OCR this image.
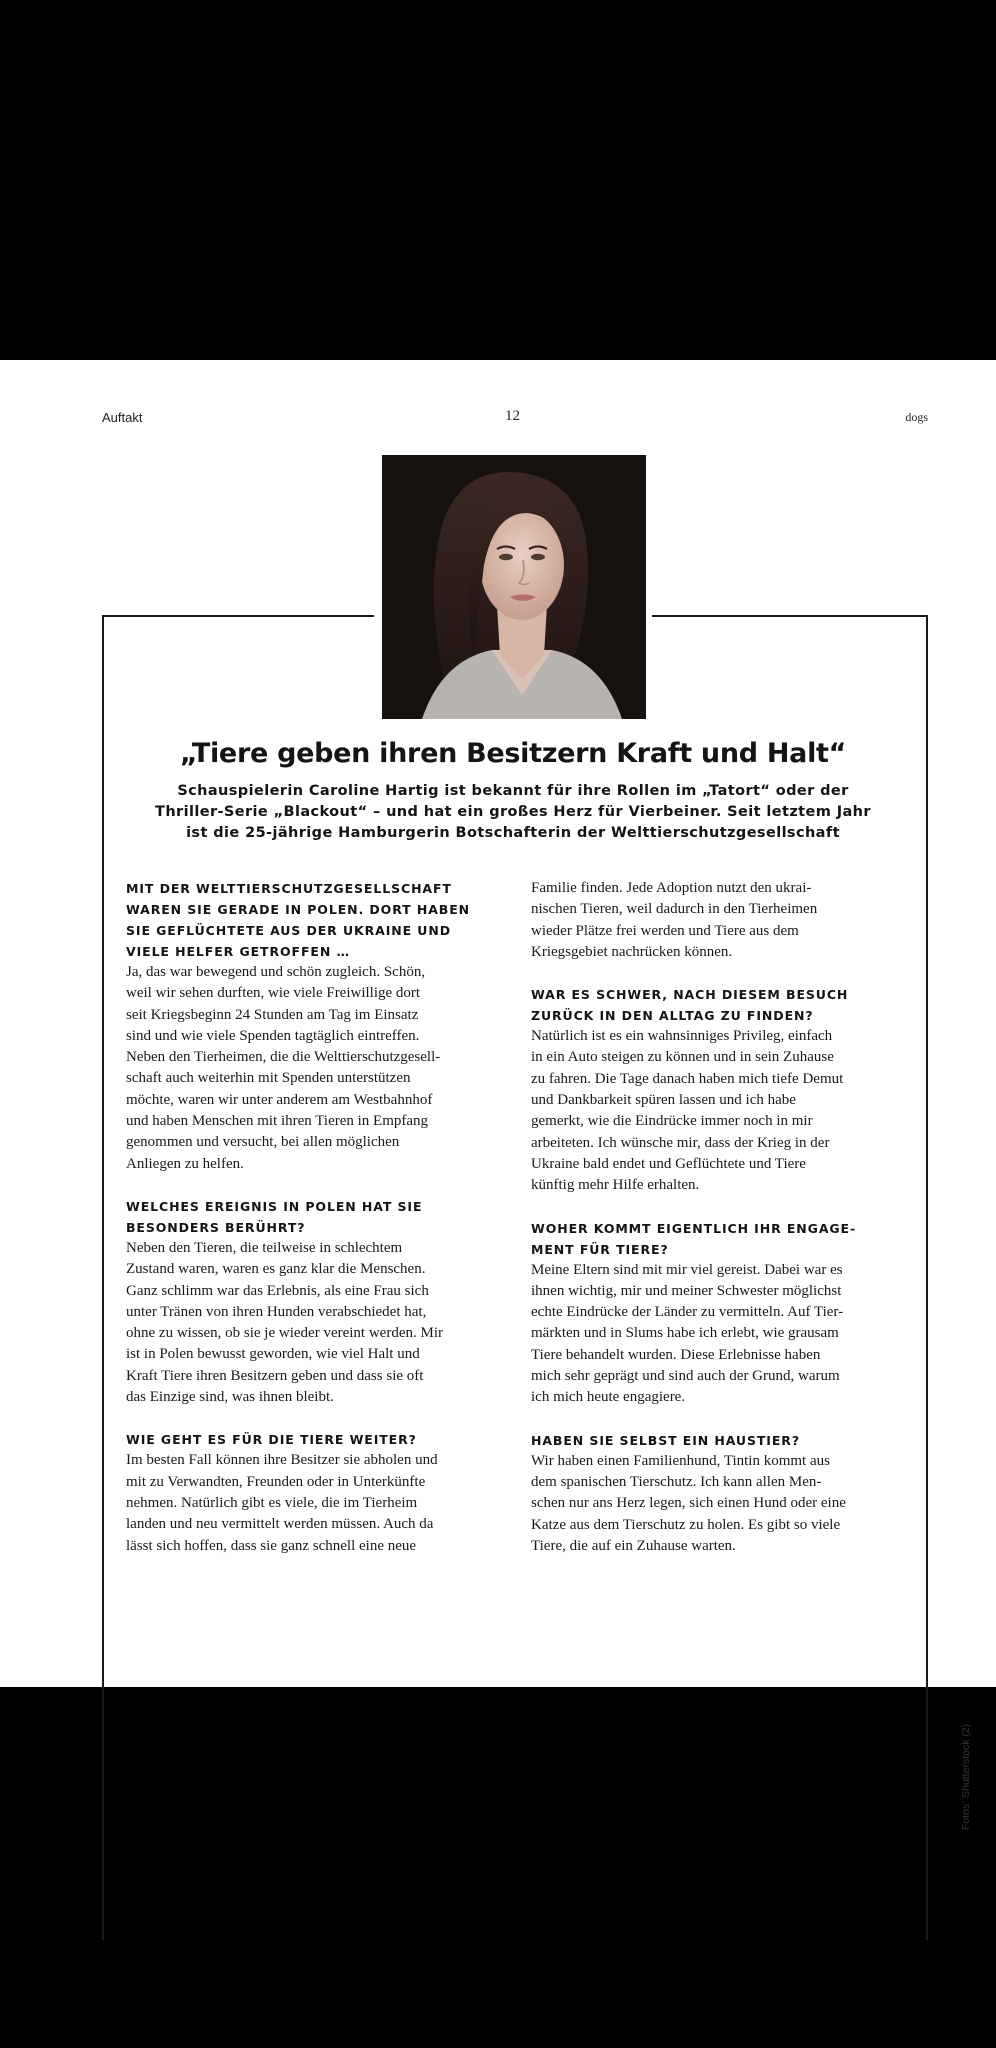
Auftakt	12	dogs
„Tiere geben ihren Besitzern Kraft und Halt“
Schauspielerin Caroline Hartig ist bekannt für ihre Rollen im „Tatort“ oder der
Thriller-Serie „Blackout“ – und hat ein großes Herz für Vierbeiner. Seit letztem Jahr
ist die 25-jährige Hamburgerin Botschafterin der Welttierschutzgesellschaft
MIT DER WELTTIERSCHUTZGESELLSCHAFT
WAREN SIE GERADE IN POLEN. DORT HABEN
SIE GEFLÜCHTETE AUS DER UKRAINE UND
VIELE HELFER GETROFFEN …
Ja, das war bewegend und schön zugleich. Schön,
weil wir sehen durften, wie viele Freiwillige dort
seit Kriegsbeginn 24 Stunden am Tag im Einsatz
sind und wie viele Spenden tagtäglich eintreffen.
Neben den Tierheimen, die die Welttierschutzgesell-
schaft auch weiterhin mit Spenden unterstützen
möchte, waren wir unter anderem am Westbahnhof
und haben Menschen mit ihren Tieren in Empfang
genommen und versucht, bei allen möglichen
Anliegen zu helfen.
WELCHES EREIGNIS IN POLEN HAT SIE
BESONDERS BERÜHRT?
Neben den Tieren, die teilweise in schlechtem
Zustand waren, waren es ganz klar die Menschen.
Ganz schlimm war das Erlebnis, als eine Frau sich
unter Tränen von ihren Hunden verabschiedet hat,
ohne zu wissen, ob sie je wieder vereint werden. Mir
ist in Polen bewusst geworden, wie viel Halt und
Kraft Tiere ihren Besitzern geben und dass sie oft
das Einzige sind, was ihnen bleibt.
WIE GEHT ES FÜR DIE TIERE WEITER?
Im besten Fall können ihre Besitzer sie abholen und
mit zu Verwandten, Freunden oder in Unterkünfte
nehmen. Natürlich gibt es viele, die im Tierheim
landen und neu vermittelt werden müssen. Auch da
lässt sich hoffen, dass sie ganz schnell eine neue
Familie finden. Jede Adoption nutzt den ukrai-
nischen Tieren, weil dadurch in den Tierheimen
wieder Plätze frei werden und Tiere aus dem
Kriegsgebiet nachrücken können.
WAR ES SCHWER, NACH DIESEM BESUCH
ZURÜCK IN DEN ALLTAG ZU FINDEN?
Natürlich ist es ein wahnsinniges Privileg, einfach
in ein Auto steigen zu können und in sein Zuhause
zu fahren. Die Tage danach haben mich tiefe Demut
und Dankbarkeit spüren lassen und ich habe
gemerkt, wie die Eindrücke immer noch in mir
arbeiteten. Ich wünsche mir, dass der Krieg in der
Ukraine bald endet und Geflüchtete und Tiere
künftig mehr Hilfe erhalten.
WOHER KOMMT EIGENTLICH IHR ENGAGE-
MENT FÜR TIERE?
Meine Eltern sind mit mir viel gereist. Dabei war es
ihnen wichtig, mir und meiner Schwester möglichst
echte Eindrücke der Länder zu vermitteln. Auf Tier-
märkten und in Slums habe ich erlebt, wie grausam
Tiere behandelt wurden. Diese Erlebnisse haben
mich sehr geprägt und sind auch der Grund, warum
ich mich heute engagiere.
HABEN SIE SELBST EIN HAUSTIER?
Wir haben einen Familienhund, Tintin kommt aus
dem spanischen Tierschutz. Ich kann allen Men-
schen nur ans Herz legen, sich einen Hund oder eine
Katze aus dem Tierschutz zu holen. Es gibt so viele
Tiere, die auf ein Zuhause warten.
Fotos: Shutterstock (2)
